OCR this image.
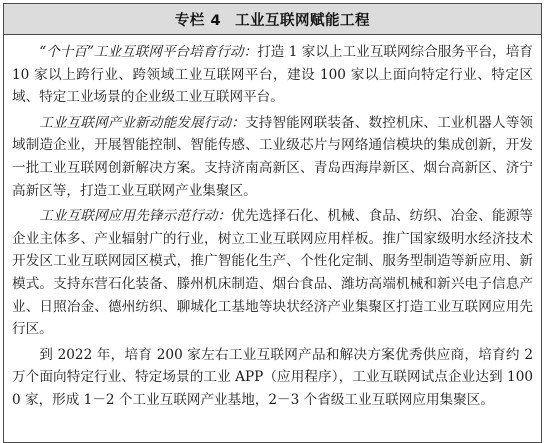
专栏 4 工业互联网赋能工程

“个十百”工业互联网平台培育行动：打造 1 家以上工业互联网综合服务平台，培育 10 家以上跨行业、跨领域工业互联网平台，建设 100 家以上面向特定行业、特定区域、特定工业场景的企业级工业互联网平台。

工业互联网产业新动能发展行动：支持智能网联装备、数控机床、工业机器人等领域制造企业，开展智能控制、智能传感、工业级芯片与网络通信模块的集成创新，开发一批工业互联网创新解决方案。支持济南高新区、青岛西海岸新区、烟台高新区、济宁高新区等，打造工业互联网产业集聚区。

工业互联网应用先锋示范行动：优先选择石化、机械、食品、纺织、冶金、能源等企业主体多、产业辐射广的行业，树立工业互联网应用样板。推广国家级明水经济技术开发区工业互联网园区模式，推广智能化生产、个性化定制、服务型制造等新应用、新模式。支持东营石化装备、滕州机床制造、烟台食品、潍坊高端机械和新兴电子信息产业、日照冶金、德州纺织、聊城化工基地等块状经济产业集聚区打造工业互联网应用先行区。

到 2022 年，培育 200 家左右工业互联网产品和解决方案优秀供应商，培育约 2 万个面向特定行业、特定场景的工业 APP（应用程序），工业互联网试点企业达到 1000 家，形成 1－2 个工业互联网产业基地，2－3 个省级工业互联网应用集聚区。
